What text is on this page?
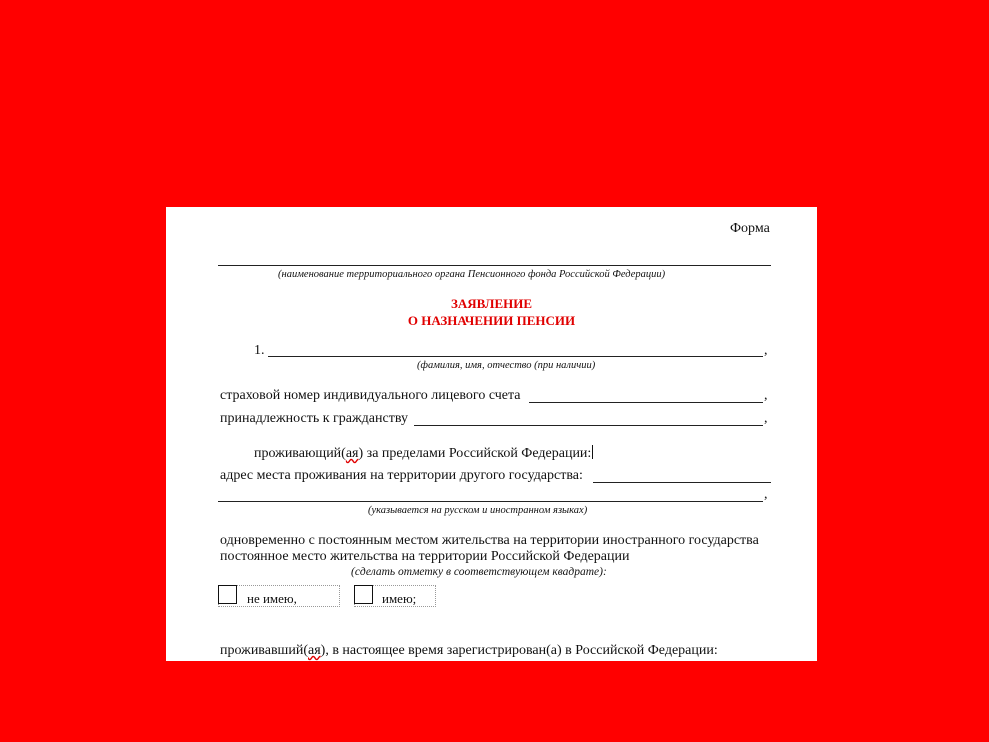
Форма
(наименование территориального органа Пенсионного фонда Российской Федерации)
ЗАЯВЛЕНИЕ
О НАЗНАЧЕНИИ ПЕНСИИ
1.	,
(фамилия, имя, отчество (при наличии)
страховой номер индивидуального лицевого счета	,
принадлежность к гражданству	,
проживающий(ая) за пределами Российской Федерации:
адрес места проживания на территории другого государства:
,
(указывается на русском и иностранном языках)
одновременно с постоянным местом жительства на территории иностранного государства
постоянное место жительства на территории Российской Федерации
(сделать отметку в соответствующем квадрате):
не имею,	имею;
проживавший(ая), в настоящее время зарегистрирован(а) в Российской Федерации:
